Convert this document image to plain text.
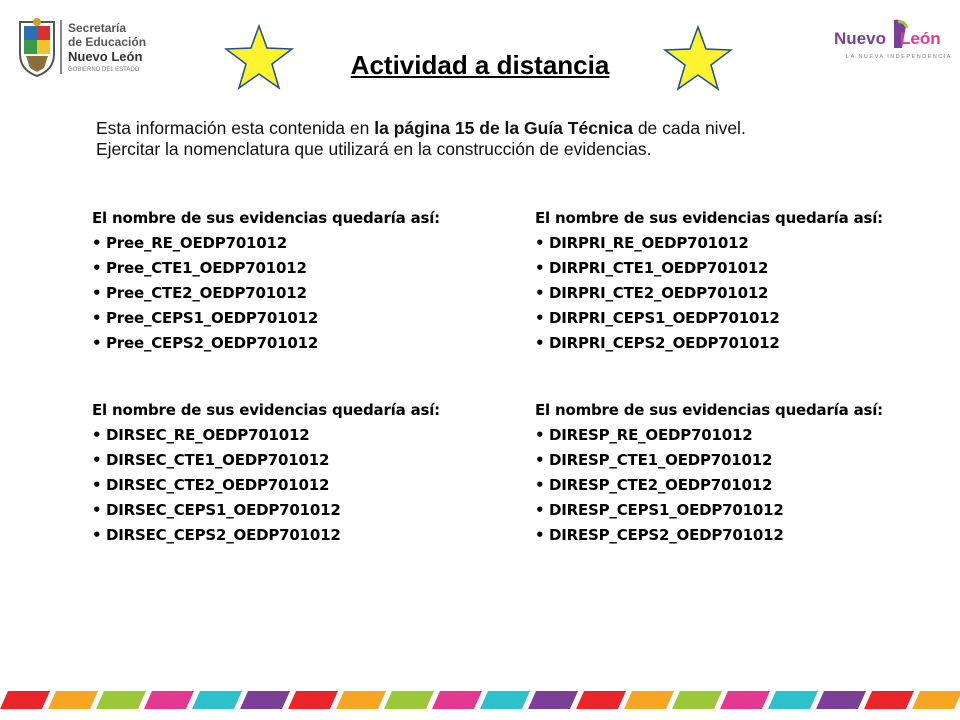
Secretaría
de Educación
Nuevo León
GOBIERNO DEL ESTADO	Actividad a distancia
Nuevo León
LA NUEVA INDEPENDENCIA
Esta información esta contenida en la página 15 de la Guía Técnica de cada nivel.
Ejercitar la nomenclatura que utilizará en la construcción de evidencias.
El nombre de sus evidencias quedaría así:
• Pree_RE_OEDP701012
• Pree_CTE1_OEDP701012
• Pree_CTE2_OEDP701012
• Pree_CEPS1_OEDP701012
• Pree_CEPS2_OEDP701012
El nombre de sus evidencias quedaría así:
• DIRPRI_RE_OEDP701012
• DIRPRI_CTE1_OEDP701012
• DIRPRI_CTE2_OEDP701012
• DIRPRI_CEPS1_OEDP701012
• DIRPRI_CEPS2_OEDP701012
El nombre de sus evidencias quedaría así:
• DIRSEC_RE_OEDP701012
• DIRSEC_CTE1_OEDP701012
• DIRSEC_CTE2_OEDP701012
• DIRSEC_CEPS1_OEDP701012
• DIRSEC_CEPS2_OEDP701012
El nombre de sus evidencias quedaría así:
• DIRESP_RE_OEDP701012
• DIRESP_CTE1_OEDP701012
• DIRESP_CTE2_OEDP701012
• DIRESP_CEPS1_OEDP701012
• DIRESP_CEPS2_OEDP701012
